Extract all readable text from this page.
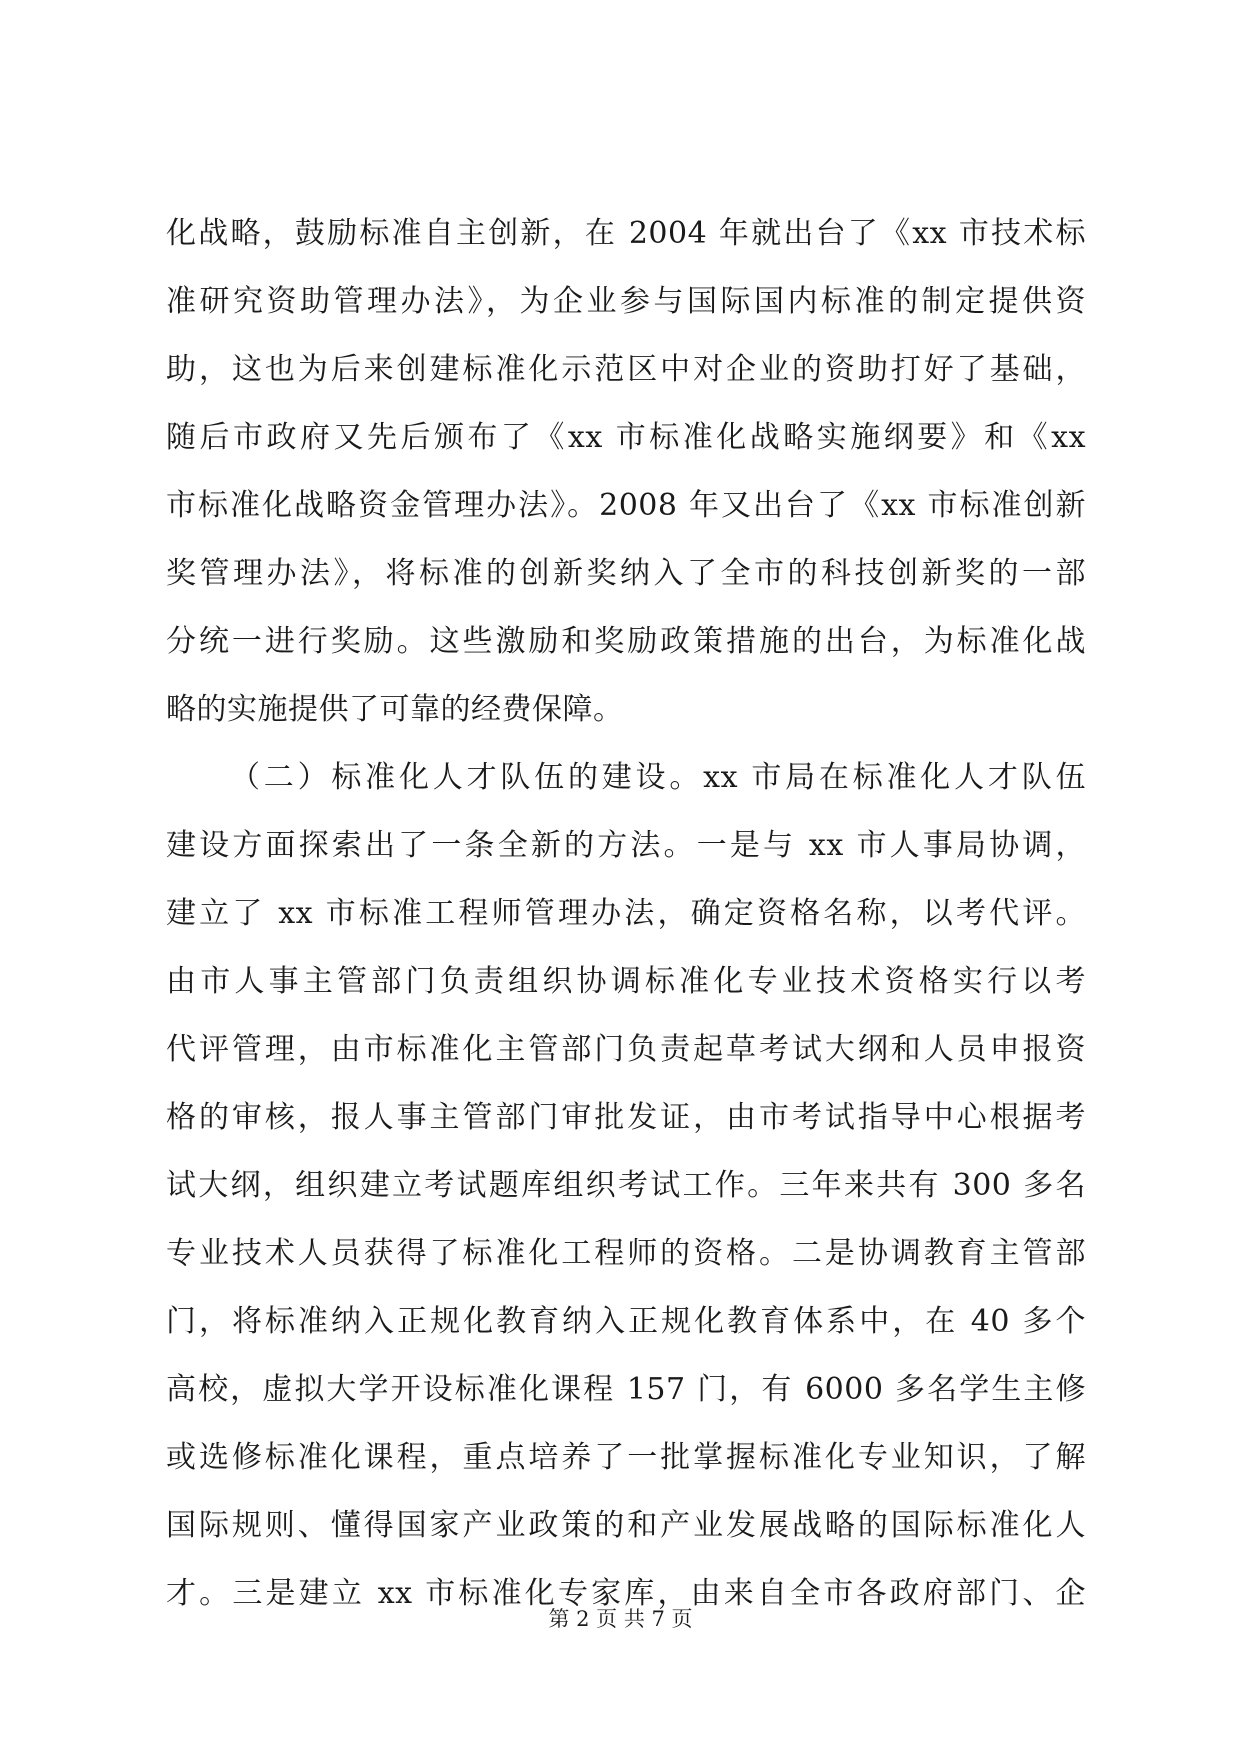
化战略，鼓励标准自主创新，在 2004 年就出台了《xx 市技术标
准研究资助管理办法》，为企业参与国际国内标准的制定提供资
助，这也为后来创建标准化示范区中对企业的资助打好了基础，
随后市政府又先后颁布了《xx 市标准化战略实施纲要》和《xx
市标准化战略资金管理办法》。2008 年又出台了《xx 市标准创新
奖管理办法》，将标准的创新奖纳入了全市的科技创新奖的一部
分统一进行奖励。这些激励和奖励政策措施的出台，为标准化战
略的实施提供了可靠的经费保障。
（二）标准化人才队伍的建设。xx 市局在标准化人才队伍
建设方面探索出了一条全新的方法。一是与 xx 市人事局协调，
建立了 xx 市标准工程师管理办法，确定资格名称，以考代评。
由市人事主管部门负责组织协调标准化专业技术资格实行以考
代评管理，由市标准化主管部门负责起草考试大纲和人员申报资
格的审核，报人事主管部门审批发证，由市考试指导中心根据考
试大纲，组织建立考试题库组织考试工作。三年来共有 300 多名
专业技术人员获得了标准化工程师的资格。二是协调教育主管部
门，将标准纳入正规化教育纳入正规化教育体系中，在 40 多个
高校，虚拟大学开设标准化课程 157 门，有 6000 多名学生主修
或选修标准化课程，重点培养了一批掌握标准化专业知识，了解
国际规则、懂得国家产业政策的和产业发展战略的国际标准化人
才。三是建立 xx 市标准化专家库，由来自全市各政府部门、企
第 2 页 共 7 页
